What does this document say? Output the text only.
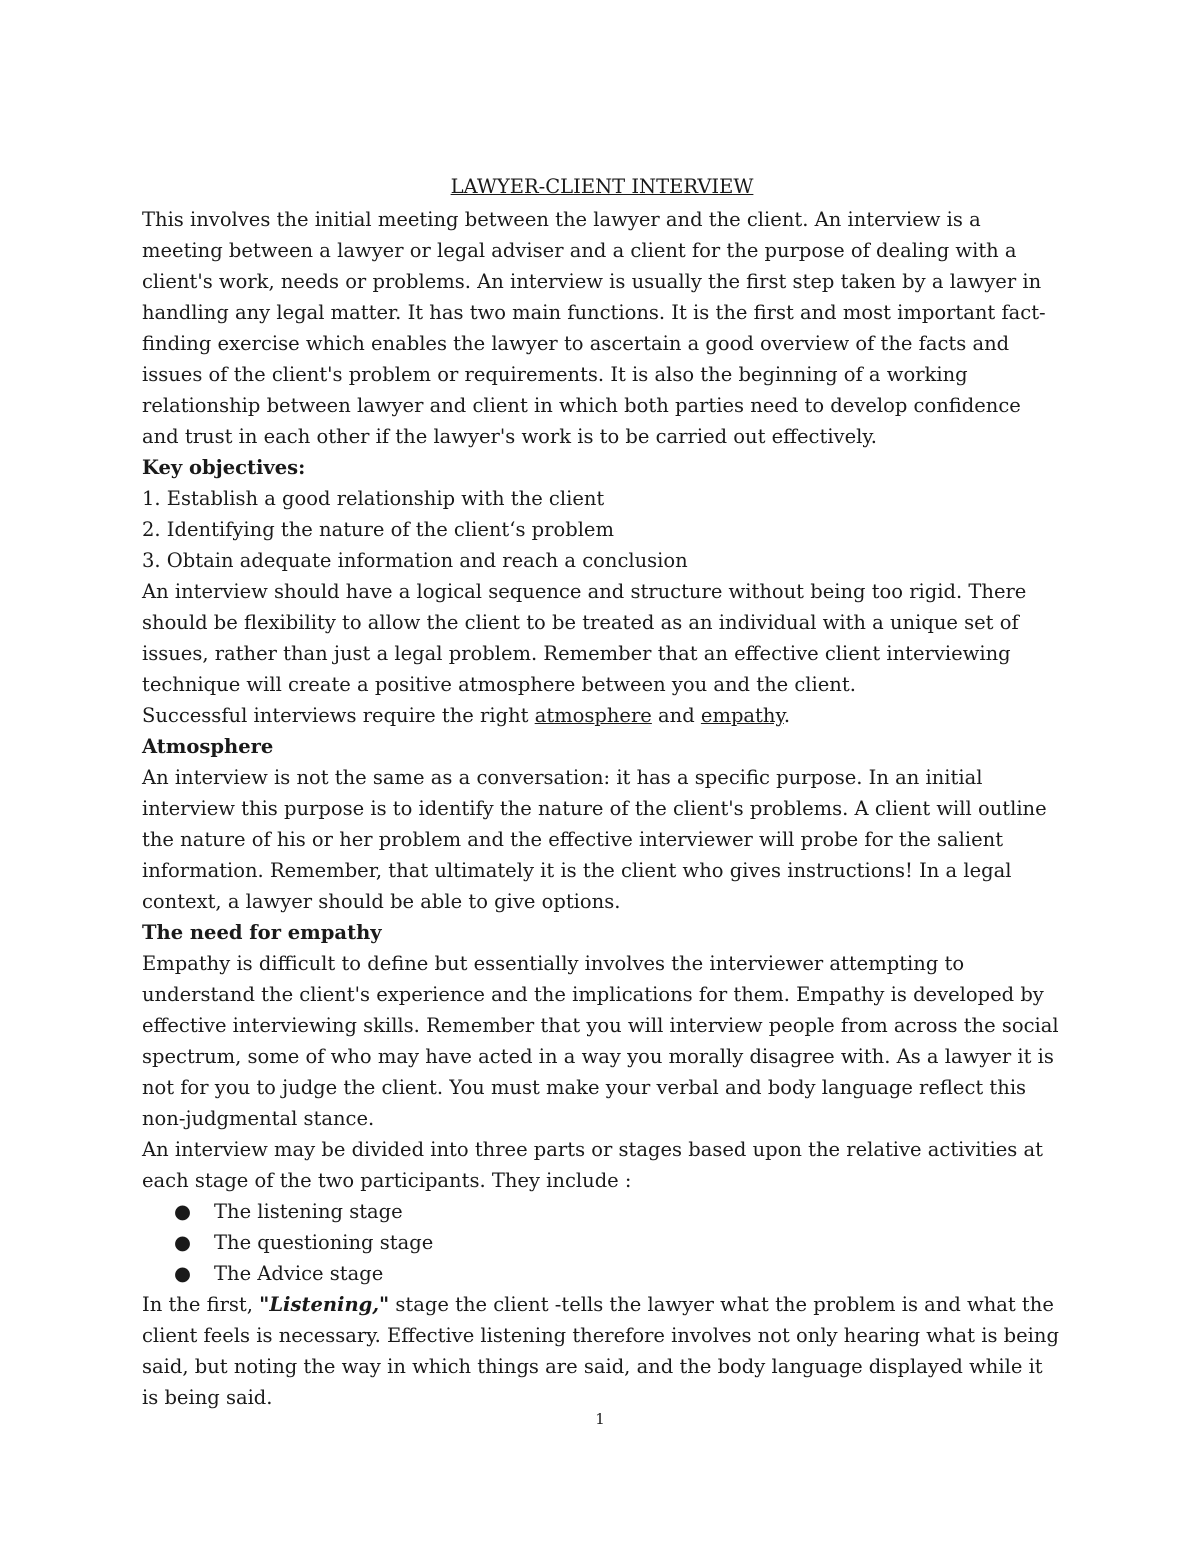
LAWYER-CLIENT INTERVIEW

This involves the initial meeting between the lawyer and the client. An interview is a meeting between a lawyer or legal adviser and a client for the purpose of dealing with a client's work, needs or problems. An interview is usually the first step taken by a lawyer in handling any legal matter. It has two main functions. It is the first and most important fact-finding exercise which enables the lawyer to ascertain a good overview of the facts and issues of the client's problem or requirements. It is also the beginning of a working relationship between lawyer and client in which both parties need to develop confidence and trust in each other if the lawyer's work is to be carried out effectively.

Key objectives:

1. Establish a good relationship with the client

2. Identifying the nature of the client‘s problem

3. Obtain adequate information and reach a conclusion

An interview should have a logical sequence and structure without being too rigid. There should be flexibility to allow the client to be treated as an individual with a unique set of issues, rather than just a legal problem. Remember that an effective client interviewing technique will create a positive atmosphere between you and the client.

Successful interviews require the right atmosphere and empathy.

Atmosphere

An interview is not the same as a conversation: it has a specific purpose. In an initial interview this purpose is to identify the nature of the client's problems. A client will outline the nature of his or her problem and the effective interviewer will probe for the salient information. Remember, that ultimately it is the client who gives instructions! In a legal context, a lawyer should be able to give options.

The need for empathy

Empathy is difficult to define but essentially involves the interviewer attempting to understand the client's experience and the implications for them. Empathy is developed by effective interviewing skills. Remember that you will interview people from across the social spectrum, some of who may have acted in a way you morally disagree with. As a lawyer it is not for you to judge the client. You must make your verbal and body language reflect this non-judgmental stance.

An interview may be divided into three parts or stages based upon the relative activities at each stage of the two participants. They include :

● The listening stage
● The questioning stage
● The Advice stage

In the first, "Listening," stage the client -tells the lawyer what the problem is and what the client feels is necessary. Effective listening therefore involves not only hearing what is being said, but noting the way in which things are said, and the body language displayed while it is being said.

1
